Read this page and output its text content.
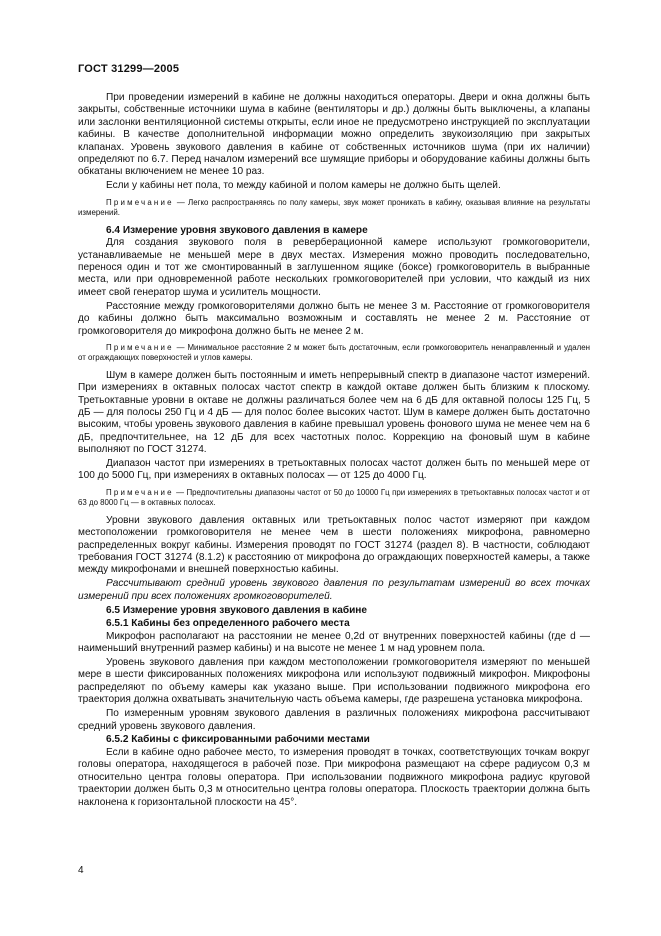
ГОСТ 31299—2005

При проведении измерений в кабине не должны находиться операторы. Двери и окна должны быть закрыты, собственные источники шума в кабине (вентиляторы и др.) должны быть выключены, а клапаны или заслонки вентиляционной системы открыты, если иное не предусмотрено инструкцией по эксплуатации кабины. В качестве дополнительной информации можно определить звукоизоляцию при закрытых клапанах. Уровень звукового давления в кабине от собственных источников шума (при их наличии) определяют по 6.7. Перед началом измерений все шумящие приборы и оборудование кабины должны быть обкатаны включением не менее 10 раз.

Если у кабины нет пола, то между кабиной и полом камеры не должно быть щелей.

Примечание — Легко распространяясь по полу камеры, звук может проникать в кабину, оказывая влияние на результаты измерений.

6.4 Измерение уровня звукового давления в камере

Для создания звукового поля в реверберационной камере используют громкоговорители, устанавливаемые не меньшей мере в двух местах. Измерения можно проводить последовательно, перенося один и тот же смонтированный в заглушенном ящике (боксе) громкоговоритель в выбранные места, или при одновременной работе нескольких громкоговорителей при условии, что каждый из них имеет свой генератор шума и усилитель мощности.

Расстояние между громкоговорителями должно быть не менее 3 м. Расстояние от громкоговорителя до кабины должно быть максимально возможным и составлять не менее 2 м. Расстояние от громкоговорителя до микрофона должно быть не менее 2 м.

Примечание — Минимальное расстояние 2 м может быть достаточным, если громкоговоритель ненаправленный и удален от ограждающих поверхностей и углов камеры.

Шум в камере должен быть постоянным и иметь непрерывный спектр в диапазоне частот измерений. При измерениях в октавных полосах частот спектр в каждой октаве должен быть близким к плоскому. Третьоктавные уровни в октаве не должны различаться более чем на 6 дБ для октавной полосы 125 Гц, 5 дБ — для полосы 250 Гц и 4 дБ — для полос более высоких частот. Шум в камере должен быть достаточно высоким, чтобы уровень звукового давления в кабине превышал уровень фонового шума не менее чем на 6 дБ, предпочтительнее, на 12 дБ для всех частотных полос. Коррекцию на фоновый шум в кабине выполняют по ГОСТ 31274.

Диапазон частот при измерениях в третьоктавных полосах частот должен быть по меньшей мере от 100 до 5000 Гц, при измерениях в октавных полосах — от 125 до 4000 Гц.

Примечание — Предпочтительны диапазоны частот от 50 до 10000 Гц при измерениях в третьоктавных полосах частот и от 63 до 8000 Гц — в октавных полосах.

Уровни звукового давления октавных или третьоктавных полос частот измеряют при каждом местоположении громкоговорителя не менее чем в шести положениях микрофона, равномерно распределенных вокруг кабины. Измерения проводят по ГОСТ 31274 (раздел 8). В частности, соблюдают требования ГОСТ 31274 (8.1.2) к расстоянию от микрофона до ограждающих поверхностей камеры, а также между микрофонами и внешней поверхностью кабины.

Рассчитывают средний уровень звукового давления по результатам измерений во всех точках измерений при всех положениях громкоговорителей.

6.5 Измерение уровня звукового давления в кабине
6.5.1 Кабины без определенного рабочего места

Микрофон располагают на расстоянии не менее 0,2d от внутренних поверхностей кабины (где d — наименьший внутренний размер кабины) и на высоте не менее 1 м над уровнем пола.

Уровень звукового давления при каждом местоположении громкоговорителя измеряют по меньшей мере в шести фиксированных положениях микрофона или используют подвижный микрофон. Микрофоны распределяют по объему камеры как указано выше. При использовании подвижного микрофона его траектория должна охватывать значительную часть объема камеры, где разрешена установка микрофона.

По измеренным уровням звукового давления в различных положениях микрофона рассчитывают средний уровень звукового давления.

6.5.2 Кабины с фиксированными рабочими местами

Если в кабине одно рабочее место, то измерения проводят в точках, соответствующих точкам вокруг головы оператора, находящегося в рабочей позе. При микрофона размещают на сфере радиусом 0,3 м относительно центра головы оператора. При использовании подвижного микрофона радиус круговой траектории должен быть 0,3 м относительно центра головы оператора. Плоскость траектории должна быть наклонена к горизонтальной плоскости на 45°.

4
